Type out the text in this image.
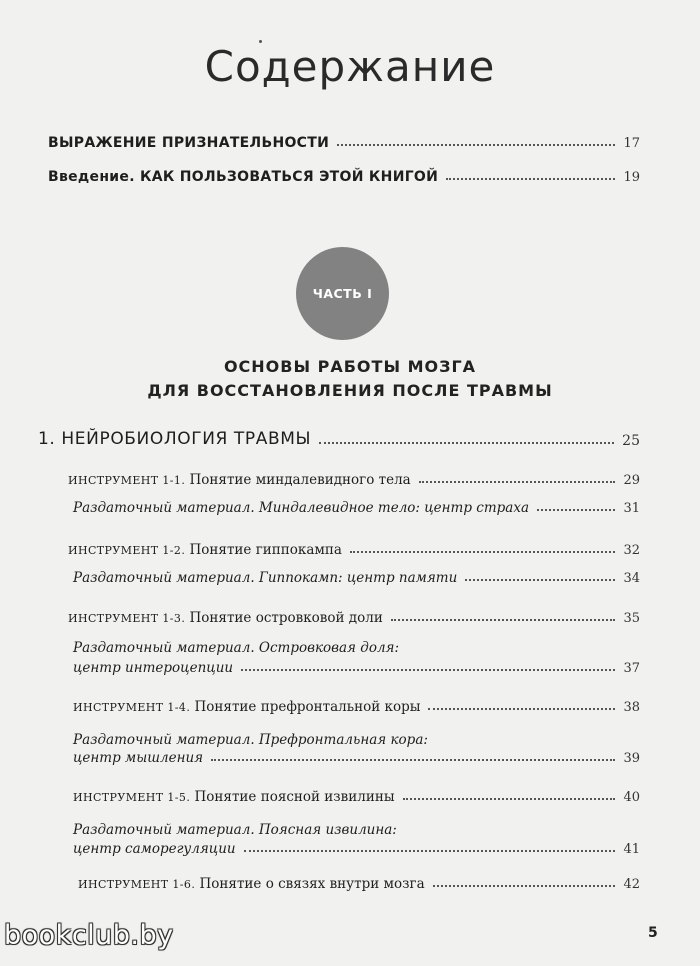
Содержание
ВЫРАЖЕНИЕ ПРИЗНАТЕЛЬНОСТИ	17
Введение. КАК ПОЛЬЗОВАТЬСЯ ЭТОЙ КНИГОЙ	19
ЧАСТЬ I
ОСНОВЫ РАБОТЫ МОЗГА
ДЛЯ ВОССТАНОВЛЕНИЯ ПОСЛЕ ТРАВМЫ
1. НЕЙРОБИОЛОГИЯ ТРАВМЫ	25
ИНСТРУМЕНТ 1-1. Понятие миндалевидного тела	29
Раздаточный материал. Миндалевидное тело: центр страха	31
ИНСТРУМЕНТ 1-2. Понятие гиппокампа	32
Раздаточный материал. Гиппокамп: центр памяти	34
ИНСТРУМЕНТ 1-3. Понятие островковой доли	35
Раздаточный материал. Островковая доля:
центр интероцепции	37
ИНСТРУМЕНТ 1-4. Понятие префронтальной коры	38
Раздаточный материал. Префронтальная кора:
центр мышления	39
ИНСТРУМЕНТ 1-5. Понятие поясной извилины	40
Раздаточный материал. Поясная извилина:
центр саморегуляции	41
ИНСТРУМЕНТ 1-6. Понятие о связях внутри мозга	42
bookclub.by	5
